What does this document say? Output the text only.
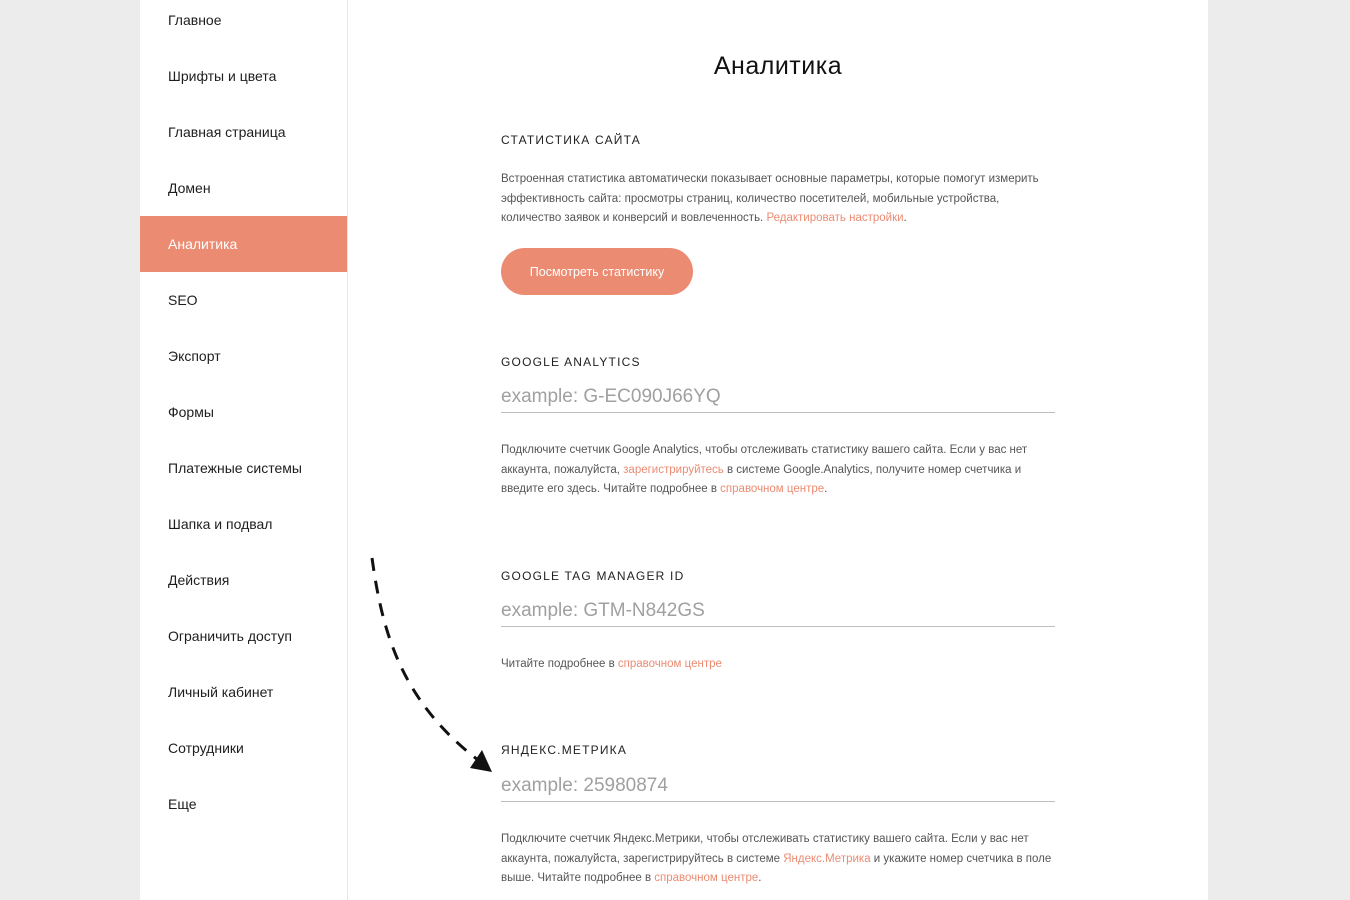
Главное
Шрифты и цвета
Главная страница
Домен
Аналитика
SEO
Экспорт
Формы
Платежные системы
Шапка и подвал
Действия
Ограничить доступ
Личный кабинет
Сотрудники
Еще
Аналитика
СТАТИСТИКА САЙТА
Встроенная статистика автоматически показывает основные параметры, которые помогут измерить эффективность сайта: просмотры страниц, количество посетителей, мобильные устройства, количество заявок и конверсий и вовлеченность. Редактировать настройки.
Посмотреть статистику
GOOGLE ANALYTICS
example: G-EC090J66YQ
Подключите счетчик Google Analytics, чтобы отслеживать статистику вашего сайта. Если у вас нет аккаунта, пожалуйста, зарегистрируйтесь в системе Google.Analytics, получите номер счетчика и введите его здесь. Читайте подробнее в справочном центре.
GOOGLE TAG MANAGER ID
example: GTM-N842GS
Читайте подробнее в справочном центре
ЯНДЕКС.МЕТРИКА
example: 25980874
Подключите счетчик Яндекс.Метрики, чтобы отслеживать статистику вашего сайта. Если у вас нет аккаунта, пожалуйста, зарегистрируйтесь в системе Яндекс.Метрика и укажите номер счетчика в поле выше. Читайте подробнее в справочном центре.
